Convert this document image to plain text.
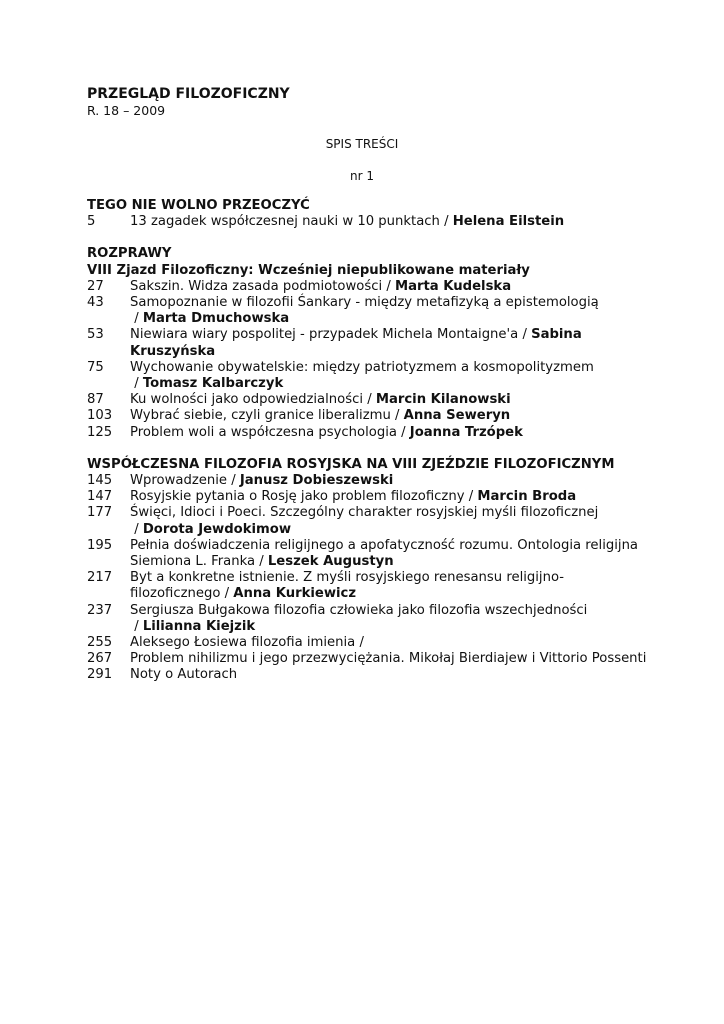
PRZEGLĄD FILOZOFICZNY
R. 18 – 2009
SPIS TREŚCI
nr 1
TEGO NIE WOLNO PRZEOCZYĆ
5	13 zagadek współczesnej nauki w 10 punktach / Helena Eilstein
ROZPRAWY
VIII Zjazd Filozoficzny: Wcześniej niepublikowane materiały
27	Sakszin. Widza zasada podmiotowości / Marta Kudelska
43	Samopoznanie w filozofii Śankary - między metafizyką a epistemologią / Marta Dmuchowska
53	Niewiara wiary pospolitej - przypadek Michela Montaigne'a / Sabina Kruszyńska
75	Wychowanie obywatelskie: między patriotyzmem a kosmopolityzmem / Tomasz Kalbarczyk
87	Ku wolności jako odpowiedzialności / Marcin Kilanowski
103	Wybrać siebie, czyli granice liberalizmu / Anna Seweryn
125	Problem woli a współczesna psychologia / Joanna Trzópek
WSPÓŁCZESNA FILOZOFIA ROSYJSKA NA VIII ZJEŹDZIE FILOZOFICZNYM
145	Wprowadzenie / Janusz Dobieszewski
147	Rosyjskie pytania o Rosję jako problem filozoficzny / Marcin Broda
177	Święci, Idioci i Poeci. Szczególny charakter rosyjskiej myśli filozoficznej / Dorota Jewdokimow
195	Pełnia doświadczenia religijnego a apofatyczność rozumu. Ontologia religijna Siemiona L. Franka / Leszek Augustyn
217	Byt a konkretne istnienie. Z myśli rosyjskiego renesansu religijno-filozoficznego / Anna Kurkiewicz
237	Sergiusza Bułgakowa filozofia człowieka jako filozofia wszechjedności / Lilianna Kiejzik
255	Aleksego Łosiewa filozofia imienia /
267	Problem nihilizmu i jego przezwyciężania. Mikołaj Bierdiajew i Vittorio Possenti
291	Noty o Autorach
